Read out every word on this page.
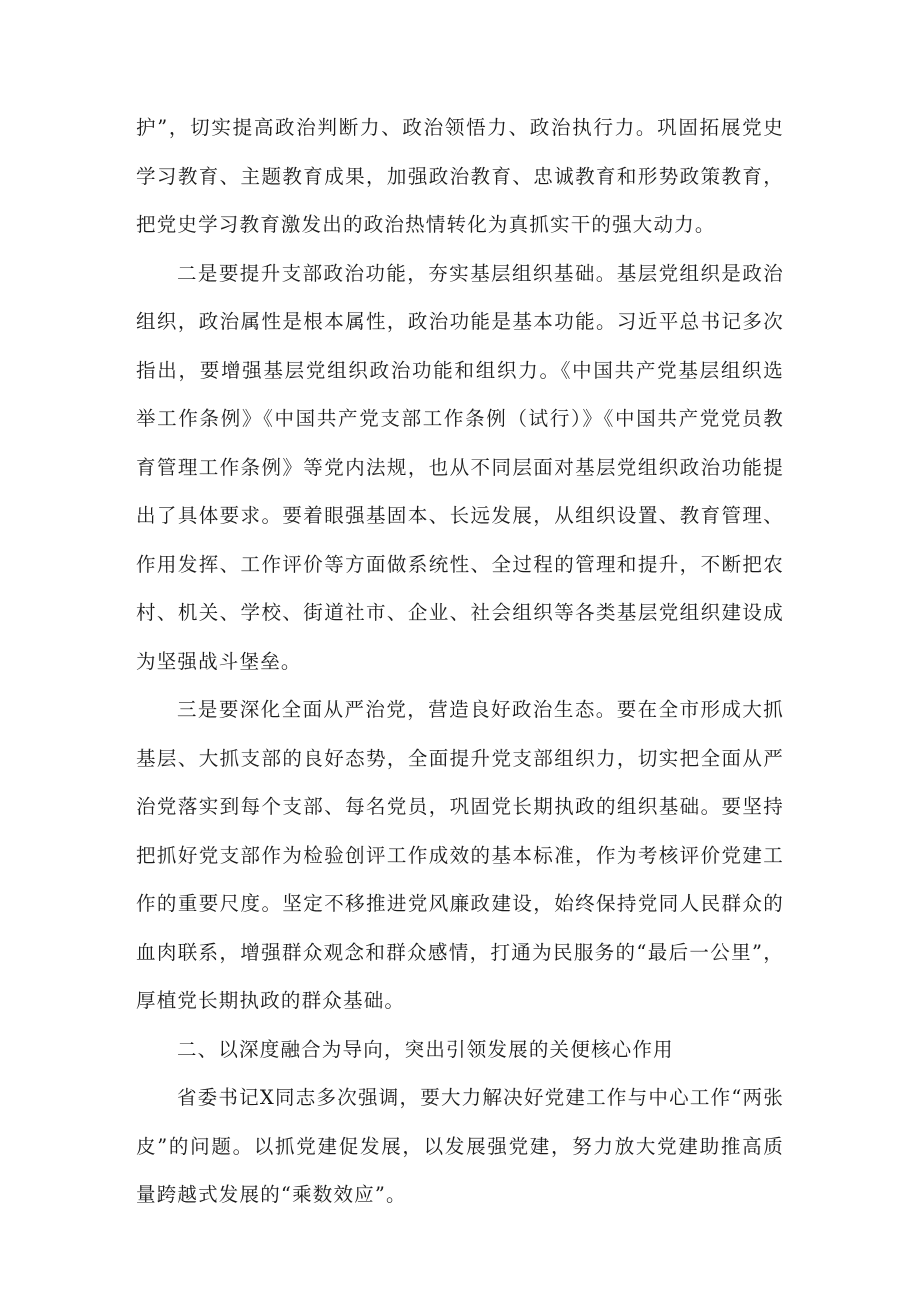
护”，切实提高政治判断力、政治领悟力、政治执行力。巩固拓展党史学习教育、主题教育成果，加强政治教育、忠诚教育和形势政策教育，把党史学习教育激发出的政治热情转化为真抓实干的强大动力。

二是要提升支部政治功能，夯实基层组织基础。基层党组织是政治组织，政治属性是根本属性，政治功能是基本功能。习近平总书记多次指出，要增强基层党组织政治功能和组织力。《中国共产党基层组织选举工作条例》《中国共产党支部工作条例（试行）》《中国共产党党员教育管理工作条例》等党内法规，也从不同层面对基层党组织政治功能提出了具体要求。要着眼强基固本、长远发展，从组织设置、教育管理、作用发挥、工作评价等方面做系统性、全过程的管理和提升，不断把农村、机关、学校、街道社市、企业、社会组织等各类基层党组织建设成为坚强战斗堡垒。

三是要深化全面从严治党，营造良好政治生态。要在全市形成大抓基层、大抓支部的良好态势，全面提升党支部组织力，切实把全面从严治党落实到每个支部、每名党员，巩固党长期执政的组织基础。要坚持把抓好党支部作为检验创评工作成效的基本标准，作为考核评价党建工作的重要尺度。坚定不移推进党风廉政建设，始终保持党同人民群众的血肉联系，增强群众观念和群众感情，打通为民服务的“最后一公里”，厚植党长期执政的群众基础。

二、以深度融合为导向，突出引领发展的关便核心作用

省委书记X同志多次强调，要大力解决好党建工作与中心工作“两张皮”的问题。以抓党建促发展，以发展强党建，努力放大党建助推高质量跨越式发展的“乘数效应”。
